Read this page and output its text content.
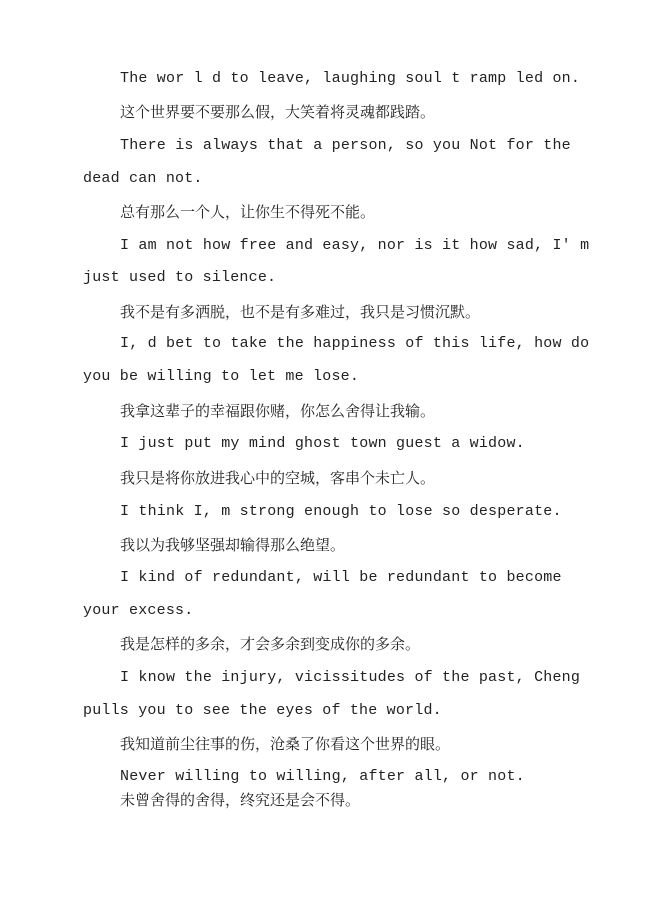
The wor l d to leave, laughing soul t ramp led on.
这个世界要不要那么假，大笑着将灵魂都践踏。
There is always that a person, so you Not for the
dead can not.
总有那么一个人，让你生不得死不能。
I am not how free and easy, nor is it how sad, I' m
just used to silence.
我不是有多洒脱，也不是有多难过，我只是习惯沉默。
I, d bet to take the happiness of this life, how do
you be willing to let me lose.
我拿这辈子的幸福跟你赌，你怎么舍得让我输。
I just put my mind ghost town guest a widow.
我只是将你放进我心中的空城，客串个未亡人。
I think I, m strong enough to lose so desperate.
我以为我够坚强却输得那么绝望。
I kind of redundant, will be redundant to become
your excess.
我是怎样的多余，才会多余到变成你的多余。
I know the injury, vicissitudes of the past, Cheng
pulls you to see the eyes of the world.
我知道前尘往事的伤，沧桑了你看这个世界的眼。
Never willing to willing, after all, or not.
未曾舍得的舍得，终究还是会不得。
